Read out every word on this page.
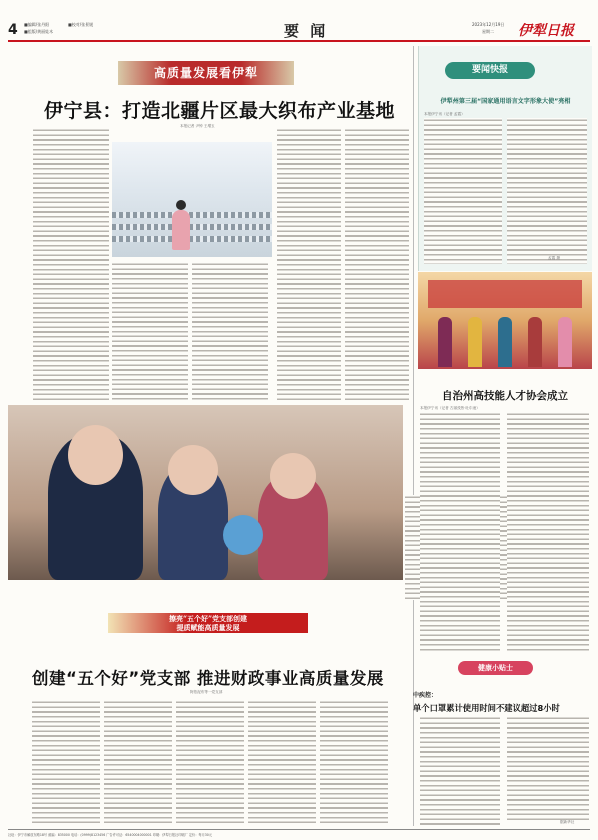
4 ■编辑/张丹阳	■校对/张景媛
■组版/黄丽娃木	要 闻	2023年12月19日
星期二 伊犁日报
高质量发展看伊犁
伊宁县：打造北疆片区最大织布产业基地
本报记者 尹钟 王增玉
擦亮“五个好”党支部创建
提质赋能高质量发展
创建“五个好”党支部 推进财政事业高质量发展
阿依泥布等一党支部
要闻快报
伊犁州第三届“国家通用语言文字形象大使”亮相
本报伊宁讯（记者 孟霞）
孟霞 摄
自治州高技能人才协会成立
本报伊宁讯（记者 古丽孜热·吐尔逊）
健康小贴士
中疾控：
单个口罩累计使用时间不建议超过8小时
据新华社
社址：伊宁市解放东路18号 邮编：835000 电话：(0999)8123456 广告许可证：6540004000001 印刷：伊犁日报社印刷厂 定价：每月30元
